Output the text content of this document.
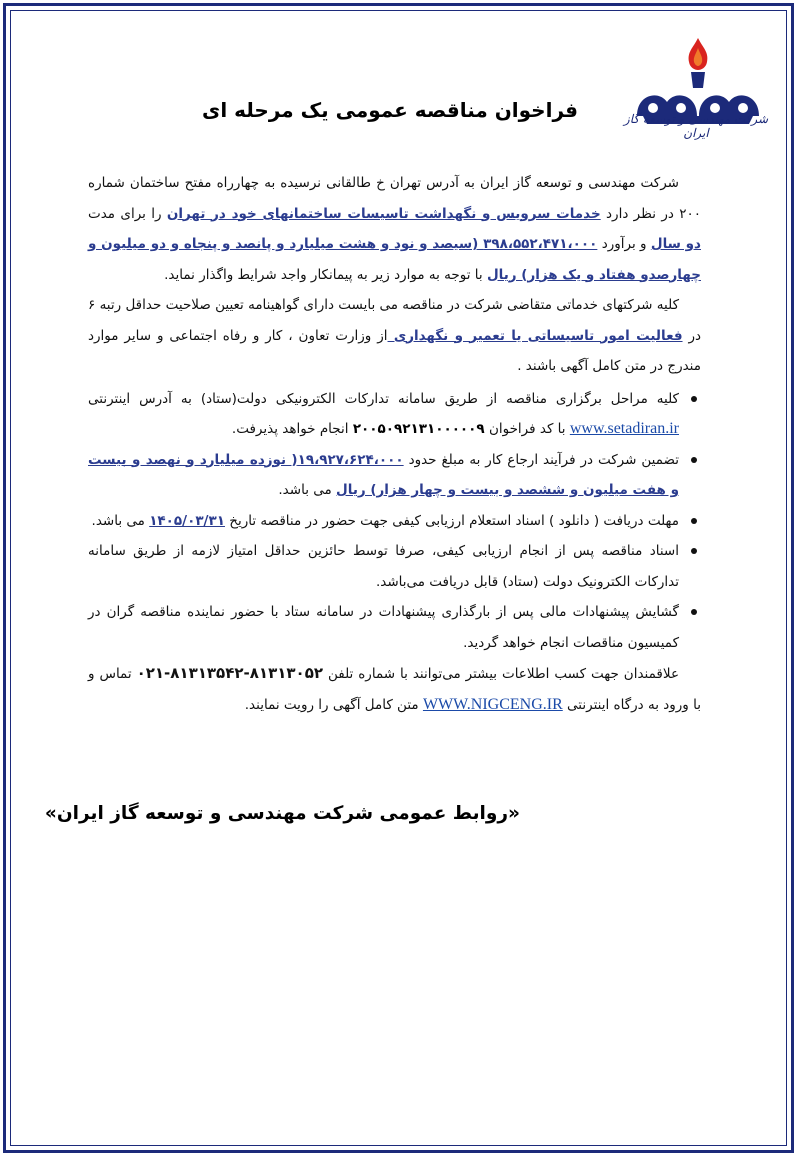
شرکت مهندسی و توسعه گاز ایران
فراخوان مناقصه عمومی یک مرحله ای

شرکت مهندسی و توسعه گاز ایران به آدرس تهران خ طالقانی نرسیده به چهارراه مفتح ساختمان شماره ۲۰۰ در نظر دارد خدمات سرویس و نگهداشت تاسیسات ساختمانهای خود در تهران را برای مدت دو سال و برآورد ۳۹۸،۵۵۲،۴۷۱،۰۰۰ (سیصد و نود و هشت میلیارد و پانصد و پنجاه و دو میلیون و چهارصدو هفتاد و یک هزار) ریال با توجه به موارد زیر به پیمانکار واجد شرایط واگذار نماید.

کلیه شرکتهای خدماتی متقاضی شرکت در مناقصه می بایست دارای گواهینامه تعیین صلاحیت حداقل رتبه ۶ در فعالیت امور تاسیساتی یا تعمیر و نگهداری از وزارت تعاون ، کار و رفاه اجتماعی و سایر موارد مندرج در متن کامل آگهی باشند .

کلیه مراحل برگزاری مناقصه از طریق سامانه تدارکات الکترونیکی دولت(ستاد) به آدرس اینترنتی www.setadiran.ir با کد فراخوان ۲۰۰۵۰۹۲۱۳۱۰۰۰۰۰۹ انجام خواهد پذیرفت.
تضمین شرکت در فرآیند ارجاع کار به مبلغ حدود ۱۹،۹۲۷،۶۲۴،۰۰۰( نوزده میلیارد و نهصد و بیست و هفت میلیون و ششصد و بیست و چهار هزار) ریال می باشد.
مهلت دریافت ( دانلود ) اسناد استعلام ارزیابی کیفی جهت حضور در مناقصه تاریخ ۱۴۰۵/۰۳/۳۱ می باشد.
اسناد مناقصه پس از انجام ارزیابی کیفی، صرفا توسط حائزین حداقل امتیاز لازمه از طریق سامانه تدارکات الکترونیک دولت (ستاد) قابل دریافت می‌باشد.
گشایش پیشنهادات مالی پس از بارگذاری پیشنهادات در سامانه ستاد با حضور نماینده مناقصه گران در کمیسیون مناقصات انجام خواهد گردید.

علاقمندان جهت کسب اطلاعات بیشتر می‌توانند با شماره تلفن ۸۱۳۱۳۰۵۲-۸۱۳۱۳۵۴۲-۰۲۱ تماس و با ورود به درگاه اینترنتی WWW.NIGCENG.IR متن کامل آگهی را رویت نمایند.

«روابط عمومی شرکت مهندسی و توسعه گاز ایران»
